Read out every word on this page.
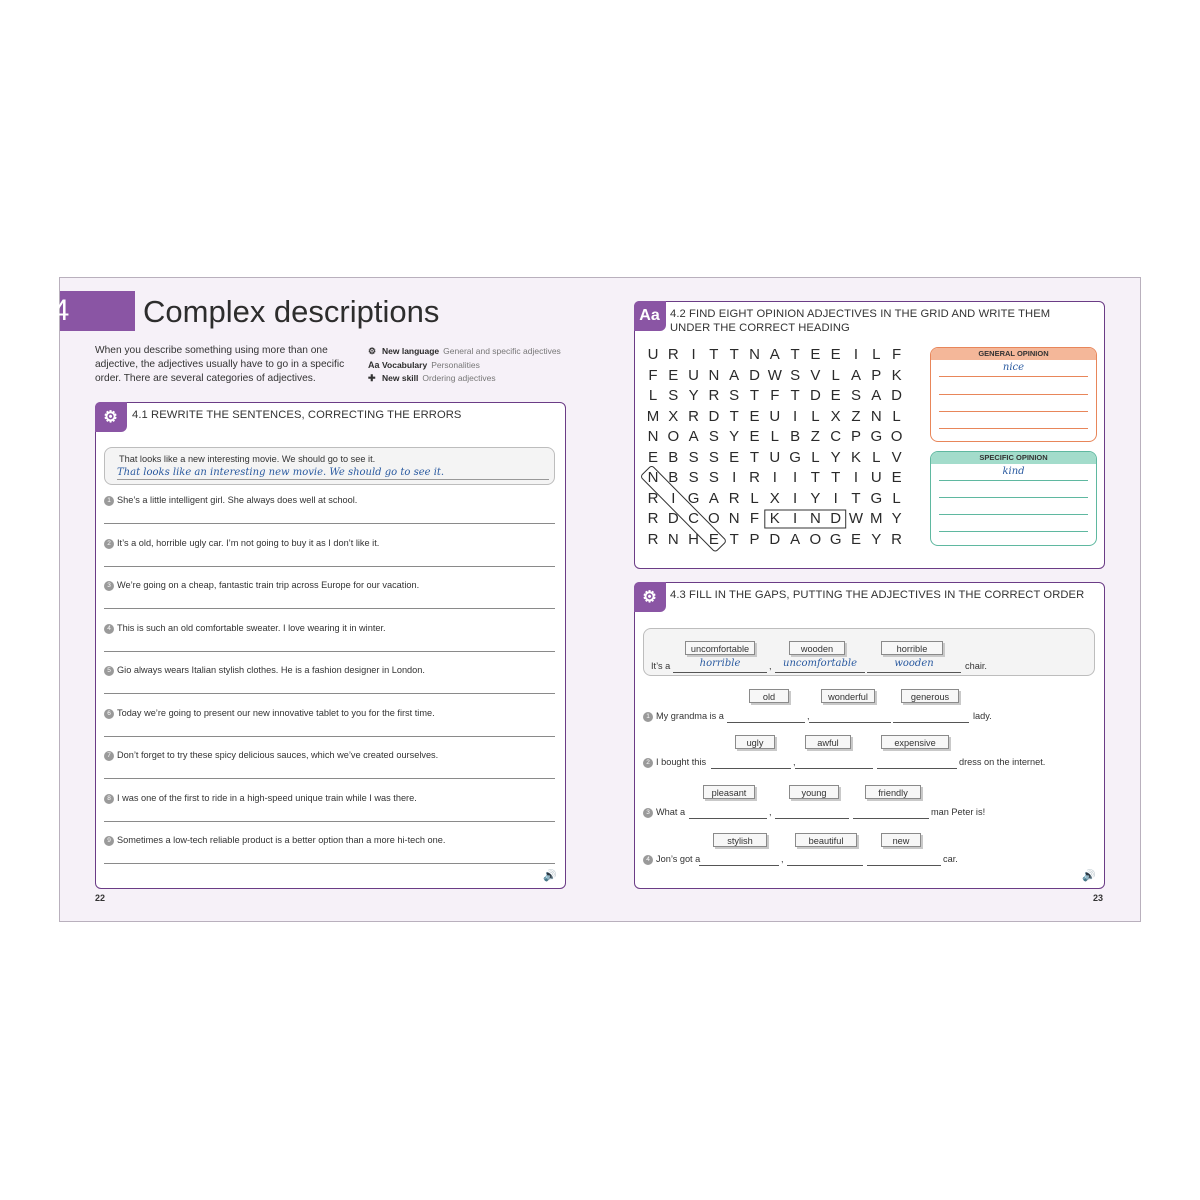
04 Complex descriptions
When you describe something using more than one adjective, the adjectives usually have to go in a specific order. There are several categories of adjectives.
⚙ New language General and specific adjectives
Aa Vocabulary Personalities
✚ New skill Ordering adjectives
⚙	4.1 REWRITE THE SENTENCES, CORRECTING THE ERRORS
That looks like a new interesting movie. We should go to see it.
That looks like an interesting new movie. We should go to see it.
1 She’s a little intelligent girl. She always does well at school.
2 It’s a old, horrible ugly car. I’m not going to buy it as I don’t like it.
3 We’re going on a cheap, fantastic train trip across Europe for our vacation.
4 This is such an old comfortable sweater. I love wearing it in winter.
5 Gio always wears Italian stylish clothes. He is a fashion designer in London.
6 Today we’re going to present our new innovative tablet to you for the first time.
7 Don’t forget to try these spicy delicious sauces, which we’ve created ourselves.
8 I was one of the first to ride in a high-speed unique train while I was there.
9 Sometimes a low-tech reliable product is a better option than a more hi-tech one.
🔊
Aa 4.2 FIND EIGHT OPINION ADJECTIVES IN THE GRID AND WRITE THEM
UNDER THE CORRECT HEADING
U R I T T N A T E E I L F
F E U N A D W S V L A P K
L S Y R S T F T D E S A D
M X R D T E U I L X Z N L
N O A S Y E L B Z C P G O
E B S S E T U G L Y K L V
N B S S I R I	I T T I U E
R I G A R L X I Y I T G L
R D C O N F K I N D W M Y
R N H E T P D A O G E Y R
GENERAL OPINION
nice
SPECIFIC OPINION
kind
⚙	4.3 FILL IN THE GAPS, PUTTING THE ADJECTIVES IN THE CORRECT ORDER
uncomfortable	wooden	horrible
It’s a	horrible	uncomfortable	wooden
,	chair.
old	wonderful	generous
1 My grandma is a	,	lady.
ugly	awful	expensive
2 I bought this	,	dress on the internet.
pleasant	young	friendly
3 What a	,	man Peter is!
stylish	beautiful	new
4 Jon’s got a	,	car.
🔊
22	23
